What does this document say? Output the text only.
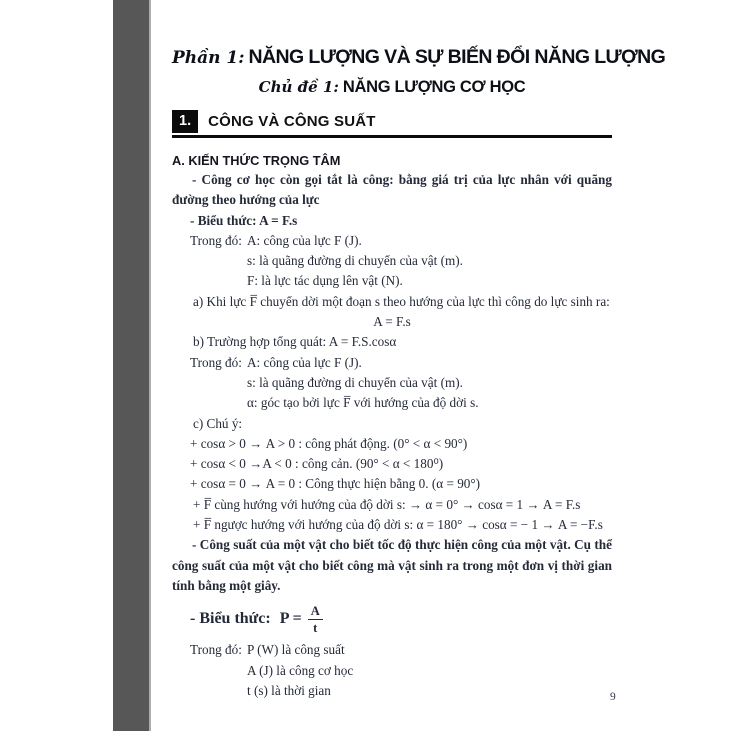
Phần 1: NĂNG LƯỢNG VÀ SỰ BIẾN ĐỔI NĂNG LƯỢNG
Chủ đề 1: NĂNG LƯỢNG CƠ HỌC
1.	CÔNG VÀ CÔNG SUẤT
A. KIẾN THỨC TRỌNG TÂM

- Công cơ học còn gọi tắt là công: bằng giá trị của lực nhân với quãng đường theo hướng của lực

- Biểu thức: A = F.s

Trong đó: A: công của lực F (J).

s: là quãng đường di chuyển của vật (m).

F: là lực tác dụng lên vật (N).

a) Khi lực F̅ chuyển dời một đoạn s theo hướng của lực thì công do lực sinh ra:

A = F.s

b) Trường hợp tổng quát: A = F.S.cosα

Trong đó: A: công của lực F (J).

s: là quãng đường di chuyển của vật (m).

α: góc tạo bởi lực F̅ với hướng của độ dời s.

c) Chú ý:

+ cosα > 0 → A > 0 : công phát động. (0° < α < 90°)

+ cosα < 0 →A < 0 : công cản. (90° < α < 180⁰)

+ cosα = 0 → A = 0 : Công thực hiện bằng 0. (α = 90°)

+ F̅ cùng hướng với hướng của độ dời s: → α = 0° → cosα = 1 → A = F.s

+ F̅ ngược hướng với hướng của độ dời s: α = 180° → cosα = − 1 → A = −F.s

- Công suất của một vật cho biết tốc độ thực hiện công của một vật. Cụ thể công suất của một vật cho biết công mà vật sinh ra trong một đơn vị thời gian tính bằng một giây.

- Biểu thức: $P = \frac{A}{t}$

Trong đó: P (W) là công suất

A (J) là công cơ học

t (s) là thời gian	9
